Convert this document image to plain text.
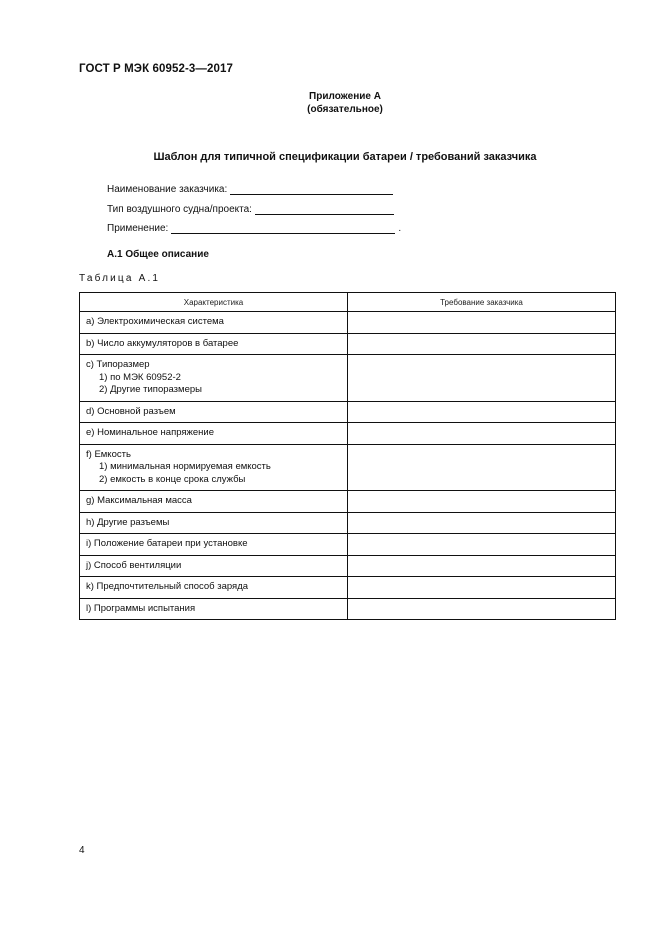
ГОСТ Р МЭК 60952-3—2017
Приложение А
(обязательное)
Шаблон для типичной спецификации батареи / требований заказчика
Наименование заказчика:
Тип воздушного судна/проекта:
Применение:	.
А.1 Общее описание
Таблица А.1
Характеристика	Требование заказчика

a) Электрохимическая система	

b) Число аккумуляторов в батарее	

c) Типоразмер
1) по МЭК 60952-2
2) Другие типоразмеры	

d) Основной разъем	

e) Номинальное напряжение	

f) Емкость
1) минимальная нормируемая емкость
2) емкость в конце срока службы	

g) Максимальная масса	

h) Другие разъемы	

i) Положение батареи при установке	

j) Способ вентиляции	

k) Предпочтительный способ заряда	

l) Программы испытания	

4
